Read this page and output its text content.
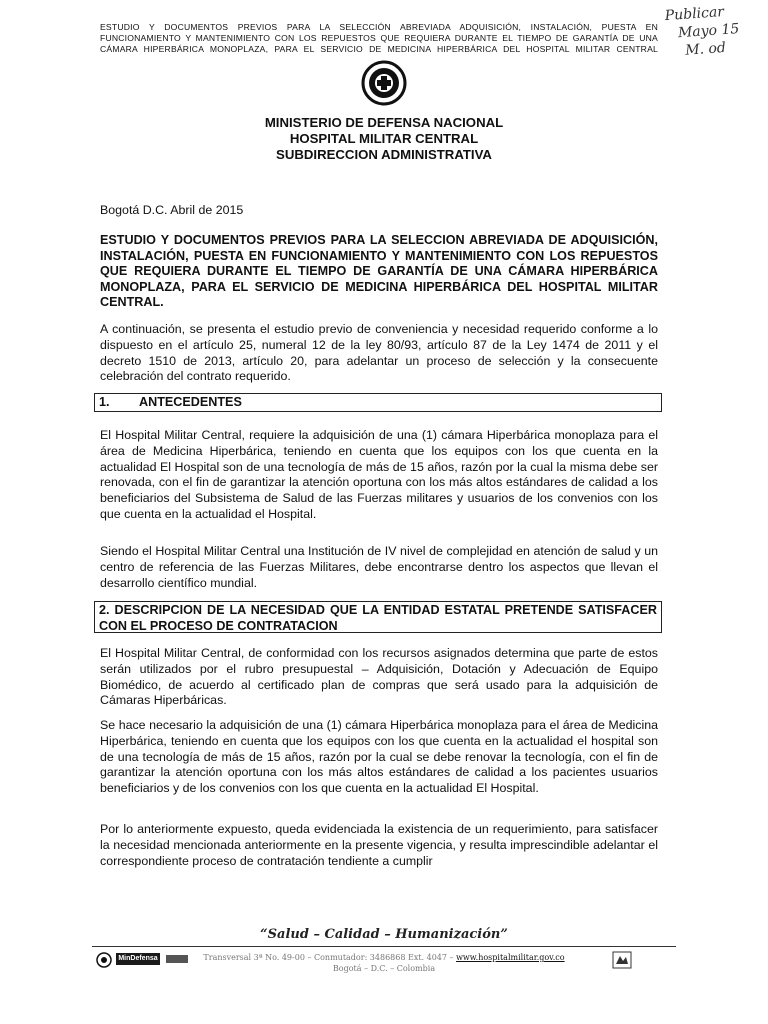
ESTUDIO Y DOCUMENTOS PREVIOS PARA LA SELECCIÓN ABREVIADA ADQUISICIÓN, INSTALACIÓN, PUESTA EN FUNCIONAMIENTO Y MANTENIMIENTO CON LOS REPUESTOS QUE REQUIERA DURANTE EL TIEMPO DE GARANTÍA DE UNA CÁMARA HIPERBÁRICA MONOPLAZA, PARA EL SERVICIO DE MEDICINA HIPERBÁRICA DEL HOSPITAL MILITAR CENTRAL
Publicar
Mayo 15
M. od
MINISTERIO DE DEFENSA NACIONAL
HOSPITAL MILITAR CENTRAL
SUBDIRECCION ADMINISTRATIVA
Bogotá D.C. Abril de 2015
ESTUDIO Y DOCUMENTOS PREVIOS PARA LA SELECCION ABREVIADA DE ADQUISICIÓN, INSTALACIÓN, PUESTA EN FUNCIONAMIENTO Y MANTENIMIENTO CON LOS REPUESTOS QUE REQUIERA DURANTE EL TIEMPO DE GARANTÍA DE UNA CÁMARA HIPERBÁRICA MONOPLAZA, PARA EL SERVICIO DE MEDICINA HIPERBÁRICA DEL HOSPITAL MILITAR CENTRAL.
A continuación, se presenta el estudio previo de conveniencia y necesidad requerido conforme a lo dispuesto en el artículo 25, numeral 12 de la ley 80/93, artículo 87 de la Ley 1474 de 2011 y el decreto 1510 de 2013, artículo 20, para adelantar un proceso de selección y la consecuente celebración del contrato requerido.
1. ANTECEDENTES
El Hospital Militar Central, requiere la adquisición de una (1) cámara Hiperbárica monoplaza para el área de Medicina Hiperbárica, teniendo en cuenta que los equipos con los que cuenta en la actualidad El Hospital son de una tecnología de más de 15 años, razón por la cual la misma debe ser renovada, con el fin de garantizar la atención oportuna con los más altos estándares de calidad a los beneficiarios del Subsistema de Salud de las Fuerzas militares y usuarios de los convenios con los que cuenta en la actualidad el Hospital.
Siendo el Hospital Militar Central una Institución de IV nivel de complejidad en atención de salud y un centro de referencia de las Fuerzas Militares, debe encontrarse dentro los aspectos que llevan el desarrollo científico mundial.
2. DESCRIPCION DE LA NECESIDAD QUE LA ENTIDAD ESTATAL PRETENDE SATISFACER CON EL PROCESO DE CONTRATACION
El Hospital Militar Central, de conformidad con los recursos asignados determina que parte de estos serán utilizados por el rubro presupuestal – Adquisición, Dotación y Adecuación de Equipo Biomédico, de acuerdo al certificado plan de compras que será usado para la adquisición de Cámaras Hiperbáricas.
Se hace necesario la adquisición de una (1) cámara Hiperbárica monoplaza para el área de Medicina Hiperbárica, teniendo en cuenta que los equipos con los que cuenta en la actualidad el hospital son de una tecnología de más de 15 años, razón por la cual se debe renovar la tecnología, con el fin de garantizar la atención oportuna con los más altos estándares de calidad a los pacientes usuarios beneficiarios y de los convenios con los que cuenta en la actualidad El Hospital.
Por lo anteriormente expuesto, queda evidenciada la existencia de un requerimiento, para satisfacer la necesidad mencionada anteriormente en la presente vigencia, y resulta imprescindible adelantar el correspondiente proceso de contratación tendiente a cumplir
“Salud – Calidad – Humanización”
MinDefensa	Transversal 3ª No. 49-00 – Conmutador: 3486868 Ext. 4047 – www.hospitalmilitar.gov.co
Bogotá – D.C. – Colombia
